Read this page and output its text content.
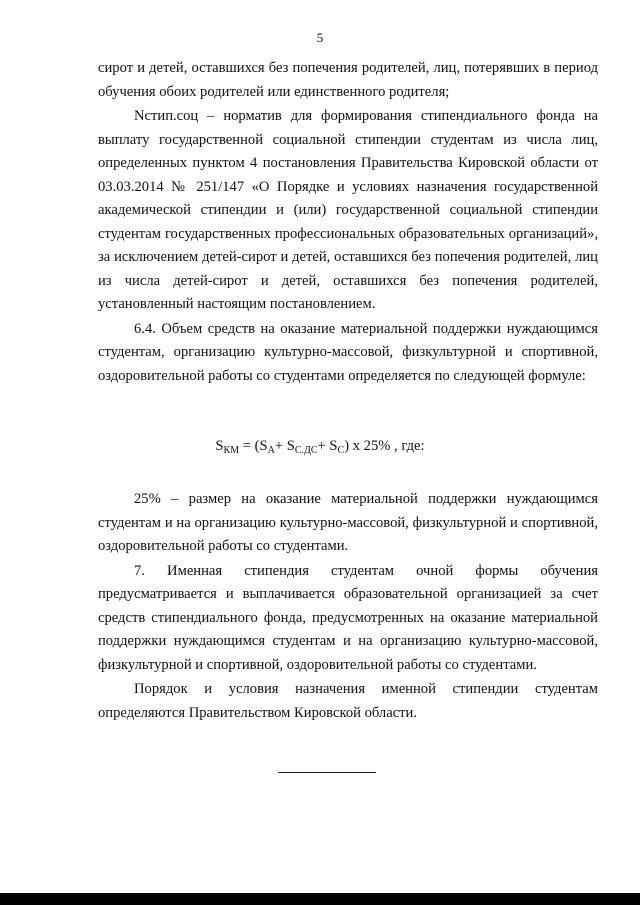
5

сирот и детей, оставшихся без попечения родителей, лиц, потерявших в период обучения обоих родителей или единственного родителя;

Nстип.соц – норматив для формирования стипендиального фонда на выплату государственной социальной стипендии студентам из числа лиц, определенных пунктом 4 постановления Правительства Кировской области от 03.03.2014 № 251/147 «О Порядке и условиях назначения государственной академической стипендии и (или) государственной социальной стипендии студентам государственных профессиональных образовательных организаций», за исключением детей-сирот и детей, оставшихся без попечения родителей, лиц из числа детей-сирот и детей, оставшихся без попечения родителей, установленный настоящим постановлением.

6.4. Объем средств на оказание материальной поддержки нуждающимся студентам, организацию культурно-массовой, физкультурной и спортивной, оздоровительной работы со студентами определяется по следующей формуле:

$S_{КМ} = (S_А+ S_{С.ДС}+ S_С)$ х 25% , где:

25% – размер на оказание материальной поддержки нуждающимся студентам и на организацию культурно-массовой, физкультурной и спортивной, оздоровительной работы со студентами.

7. Именная стипендия студентам очной формы обучения предусматривается и выплачивается образовательной организацией за счет средств стипендиального фонда, предусмотренных на оказание материальной поддержки нуждающимся студентам и на организацию культурно-массовой, физкультурной и спортивной, оздоровительной работы со студентами.

Порядок и условия назначения именной стипендии студентам определяются Правительством Кировской области.
